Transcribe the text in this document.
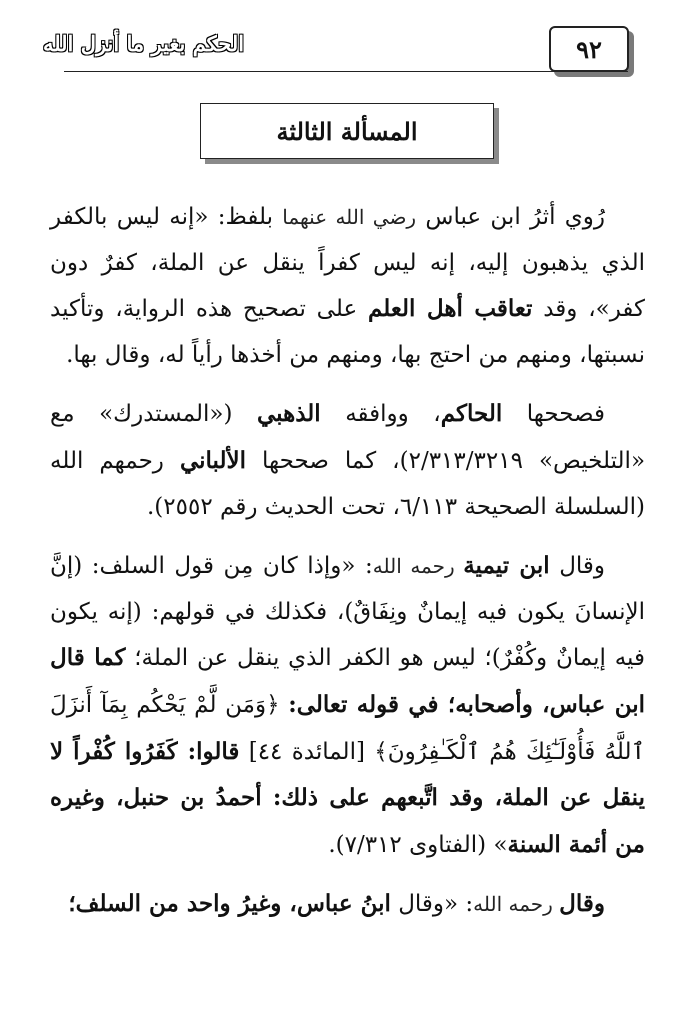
٩٢
الحكم بغير ما أنزل الله
المسألة الثالثة

رُوي أثرُ ابن عباس رضي الله عنهما بلفظ: «إنه ليس بالكفر الذي يذهبون إليه، إنه ليس كفراً ينقل عن الملة، كفرٌ دون كفر»، وقد تعاقب أهل العلم على تصحيح هذه الرواية، وتأكيد نسبتها، ومنهم من احتج بها، ومنهم من أخذها رأياً له، وقال بها.

فصححها الحاكم، ووافقه الذهبي («المستدرك» مع «التلخيص» ٢/٣١٣/٣٢١٩)، كما صححها الألباني رحمهم الله (السلسلة الصحيحة ٦/١١٣، تحت الحديث رقم ٢٥٥٢).

وقال ابن تيمية رحمه الله: «وإذا كان مِن قول السلف: (إنَّ الإنسانَ يكون فيه إيمانٌ ونِفَاقٌ)، فكذلك في قولهم: (إنه يكون فيه إيمانٌ وكُفْرٌ)؛ ليس هو الكفر الذي ينقل عن الملة؛ كما قال ابن عباس، وأصحابه؛ في قوله تعالى: ﴿وَمَن لَّمْ يَحْكُم بِمَآ أَنزَلَ ٱللَّهُ فَأُوْلَـٰٓئِكَ هُمُ ٱلْكَـٰفِرُونَ﴾ [المائدة ٤٤] قالوا: كَفَرُوا كُفْراً لا ينقل عن الملة، وقد اتَّبعهم على ذلك: أحمدُ بن حنبل، وغيره من أئمة السنة» (الفتاوى ٧/٣١٢).

وقال رحمه الله: «وقال ابنُ عباس، وغيرُ واحد من السلف؛
